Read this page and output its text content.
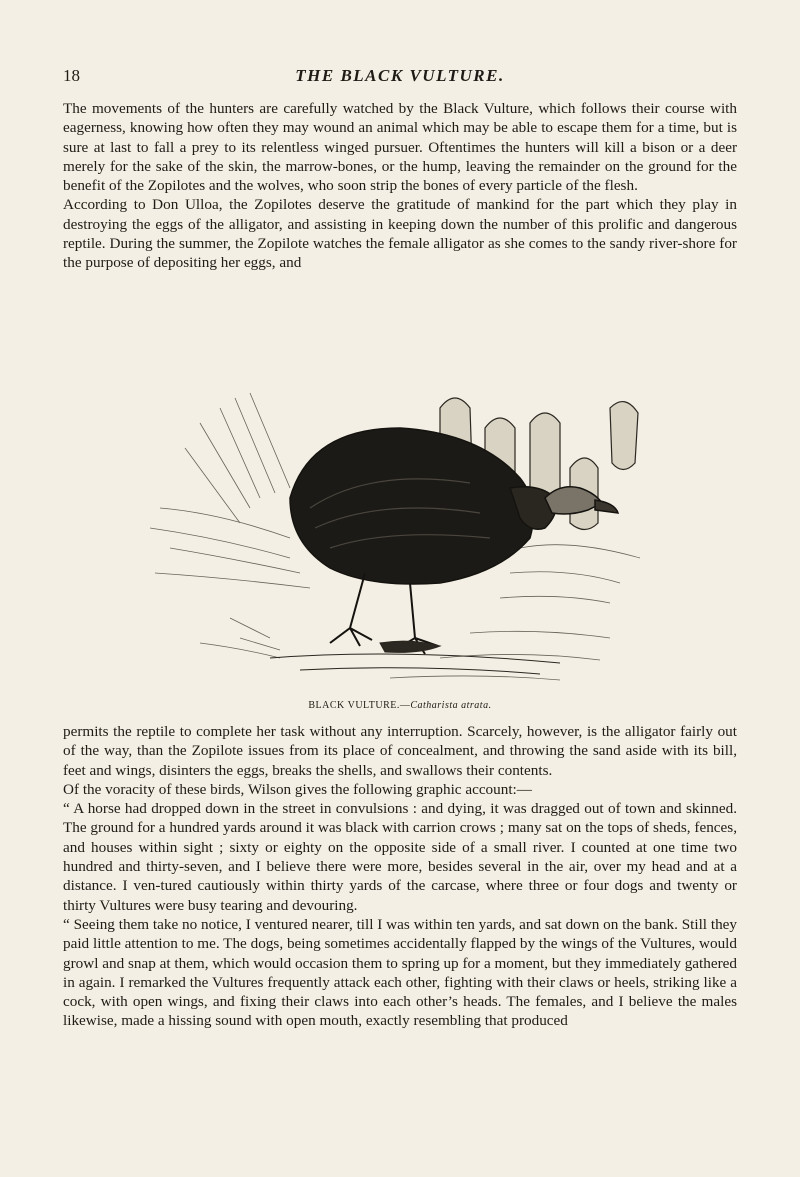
18	THE BLACK VULTURE.

The movements of the hunters are carefully watched by the Black Vulture, which follows their course with eagerness, knowing how often they may wound an animal which may be able to escape them for a time, but is sure at last to fall a prey to its relentless winged pursuer. Oftentimes the hunters will kill a bison or a deer merely for the sake of the skin, the marrow-bones, or the hump, leaving the remainder on the ground for the benefit of the Zopilotes and the wolves, who soon strip the bones of every particle of the flesh.

According to Don Ulloa, the Zopilotes deserve the gratitude of mankind for the part which they play in destroying the eggs of the alligator, and assisting in keeping down the number of this prolific and dangerous reptile. During the summer, the Zopilote watches the female alligator as she comes to the sandy river-shore for the purpose of depositing her eggs, and

BLACK VULTURE.—Catharista atrata.

permits the reptile to complete her task without any interruption. Scarcely, however, is the alligator fairly out of the way, than the Zopilote issues from its place of concealment, and throwing the sand aside with its bill, feet and wings, disinters the eggs, breaks the shells, and swallows their contents.

Of the voracity of these birds, Wilson gives the following graphic account:—

“ A horse had dropped down in the street in convulsions : and dying, it was dragged out of town and skinned. The ground for a hundred yards around it was black with carrion crows ; many sat on the tops of sheds, fences, and houses within sight ; sixty or eighty on the opposite side of a small river. I counted at one time two hundred and thirty-seven, and I believe there were more, besides several in the air, over my head and at a distance. I ven-tured cautiously within thirty yards of the carcase, where three or four dogs and twenty or thirty Vultures were busy tearing and devouring.

“ Seeing them take no notice, I ventured nearer, till I was within ten yards, and sat down on the bank. Still they paid little attention to me. The dogs, being sometimes accidentally flapped by the wings of the Vultures, would growl and snap at them, which would occasion them to spring up for a moment, but they immediately gathered in again. I remarked the Vultures frequently attack each other, fighting with their claws or heels, striking like a cock, with open wings, and fixing their claws into each other’s heads. The females, and I believe the males likewise, made a hissing sound with open mouth, exactly resembling that produced
